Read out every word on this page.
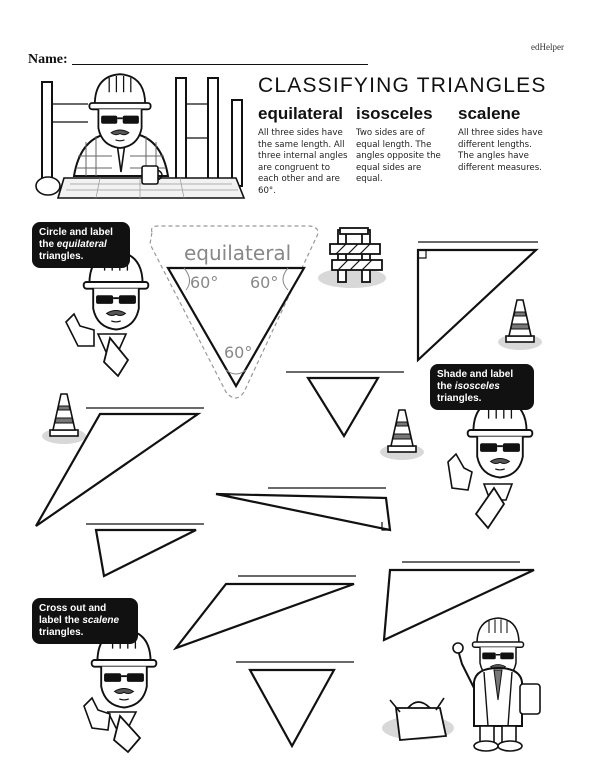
Name:
edHelper
CLASSIFYING TRIANGLES
equilateral
All three sides have the same length. All three internal angles are congruent to each other and are 60°.
isosceles
Two sides are of equal length. The angles opposite the equal sides are equal.
scalene
All three sides have different lengths. The angles have different measures.
equilateral
60° 60°
60°
Circle and label the equilateral triangles.
Shade and label the isosceles triangles.
Cross out and label the scalene triangles.
